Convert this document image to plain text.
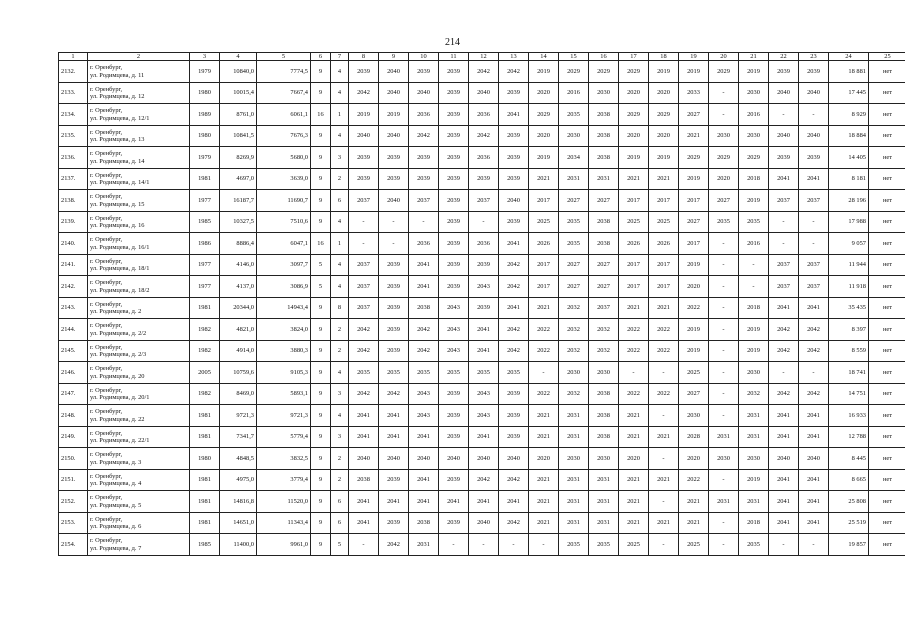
214
1	2	3	4	5	6	7	8	9	10	11	12	13	14	15	16	17	18	19	20	21	22	23	24	25
2132.	г. Оренбург,
ул. Родимцева, д. 11	1979	10840,0	7774,5	9	4	2039	2040	2039	2039	2042	2042	2019	2029	2029	2029	2019	2019	2029	2019	2039	2039	18 881	нет
2133.	г. Оренбург,
ул. Родимцева, д. 12	1980	10015,4	7667,4	9	4	2042	2040	2040	2039	2040	2039	2020	2016	2030	2020	2020	2033	-	2030	2040	2040	17 445	нет
2134.	г. Оренбург,
ул. Родимцева, д. 12/1	1989	8761,0	6061,1	16	1	2019	2019	2036	2039	2036	2041	2029	2035	2038	2029	2029	2027	-	2016	-	-	8 929	нет
2135.	г. Оренбург,
ул. Родимцева, д. 13	1980	10841,5	7676,3	9	4	2040	2040	2042	2039	2042	2039	2020	2030	2038	2020	2020	2021	2030	2030	2040	2040	18 884	нет
2136.	г. Оренбург,
ул. Родимцева, д. 14	1979	8269,9	5680,0	9	3	2039	2039	2039	2039	2036	2039	2019	2034	2038	2019	2019	2029	2029	2029	2039	2039	14 405	нет
2137.	г. Оренбург,
ул. Родимцева, д. 14/1	1981	4697,0	3639,0	9	2	2039	2039	2039	2039	2039	2039	2021	2031	2031	2021	2021	2019	2020	2018	2041	2041	8 181	нет
2138.	г. Оренбург,
ул. Родимцева, д. 15	1977	16187,7	11690,7	9	6	2037	2040	2037	2039	2037	2040	2017	2027	2027	2017	2017	2017	2027	2019	2037	2037	28 196	нет
2139.	г. Оренбург,
ул. Родимцева, д. 16	1985	10327,5	7510,6	9	4	-	-	-	2039	-	2039	2025	2035	2038	2025	2025	2027	2035	2035	-	-	17 988	нет
2140.	г. Оренбург,
ул. Родимцева, д. 16/1	1986	8886,4	6047,1	16	1	-	-	2036	2039	2036	2041	2026	2035	2038	2026	2026	2017	-	2016	-	-	9 057	нет
2141.	г. Оренбург,
ул. Родимцева, д. 18/1	1977	4146,0	3097,7	5	4	2037	2039	2041	2039	2039	2042	2017	2027	2027	2017	2017	2019	-	-	2037	2037	11 944	нет
2142.	г. Оренбург,
ул. Родимцева, д. 18/2	1977	4137,0	3086,9	5	4	2037	2039	2041	2039	2043	2042	2017	2027	2027	2017	2017	2020	-	-	2037	2037	11 918	нет
2143.	г. Оренбург,
ул. Родимцева, д. 2	1981	20344,0	14943,4	9	8	2037	2039	2038	2043	2039	2041	2021	2032	2037	2021	2021	2022	-	2018	2041	2041	35 435	нет
2144.	г. Оренбург,
ул. Родимцева, д. 2/2	1982	4821,0	3824,0	9	2	2042	2039	2042	2043	2041	2042	2022	2032	2032	2022	2022	2019	-	2019	2042	2042	8 397	нет
2145.	г. Оренбург,
ул. Родимцева, д. 2/3	1982	4914,0	3880,3	9	2	2042	2039	2042	2043	2041	2042	2022	2032	2032	2022	2022	2019	-	2019	2042	2042	8 559	нет
2146.	г. Оренбург,
ул. Родимцева, д. 20	2005	10759,6	9105,3	9	4	2035	2035	2035	2035	2035	2035	-	2030	2030	-	-	2025	-	2030	-	-	18 741	нет
2147.	г. Оренбург,
ул. Родимцева, д. 20/1	1982	8469,0	5893,1	9	3	2042	2042	2043	2039	2043	2039	2022	2032	2038	2022	2022	2027	-	2032	2042	2042	14 751	нет
2148.	г. Оренбург,
ул. Родимцева, д. 22	1981	9721,3	9721,3	9	4	2041	2041	2043	2039	2043	2039	2021	2031	2038	2021	-	2030	-	2031	2041	2041	16 933	нет
2149.	г. Оренбург,
ул. Родимцева, д. 22/1	1981	7341,7	5779,4	9	3	2041	2041	2041	2039	2041	2039	2021	2031	2038	2021	2021	2028	2031	2031	2041	2041	12 788	нет
2150.	г. Оренбург,
ул. Родимцева, д. 3	1980	4848,5	3832,5	9	2	2040	2040	2040	2040	2040	2040	2020	2030	2030	2020	-	2020	2030	2030	2040	2040	8 445	нет
2151.	г. Оренбург,
ул. Родимцева, д. 4	1981	4975,0	3779,4	9	2	2038	2039	2041	2039	2042	2042	2021	2031	2031	2021	2021	2022	-	2019	2041	2041	8 665	нет
2152.	г. Оренбург,
ул. Родимцева, д. 5	1981	14816,8	11520,0	9	6	2041	2041	2041	2041	2041	2041	2021	2031	2031	2021	-	2021	2031	2031	2041	2041	25 808	нет
2153.	г. Оренбург,
ул. Родимцева, д. 6	1981	14651,0	11343,4	9	6	2041	2039	2038	2039	2040	2042	2021	2031	2031	2021	2021	2021	-	2018	2041	2041	25 519	нет
2154.	г. Оренбург,
ул. Родимцева, д. 7	1985	11400,0	9961,0	9	5	-	2042	2031	-	-	-	-	2035	2035	2025	-	2025	-	2035	-	-	19 857	нет
